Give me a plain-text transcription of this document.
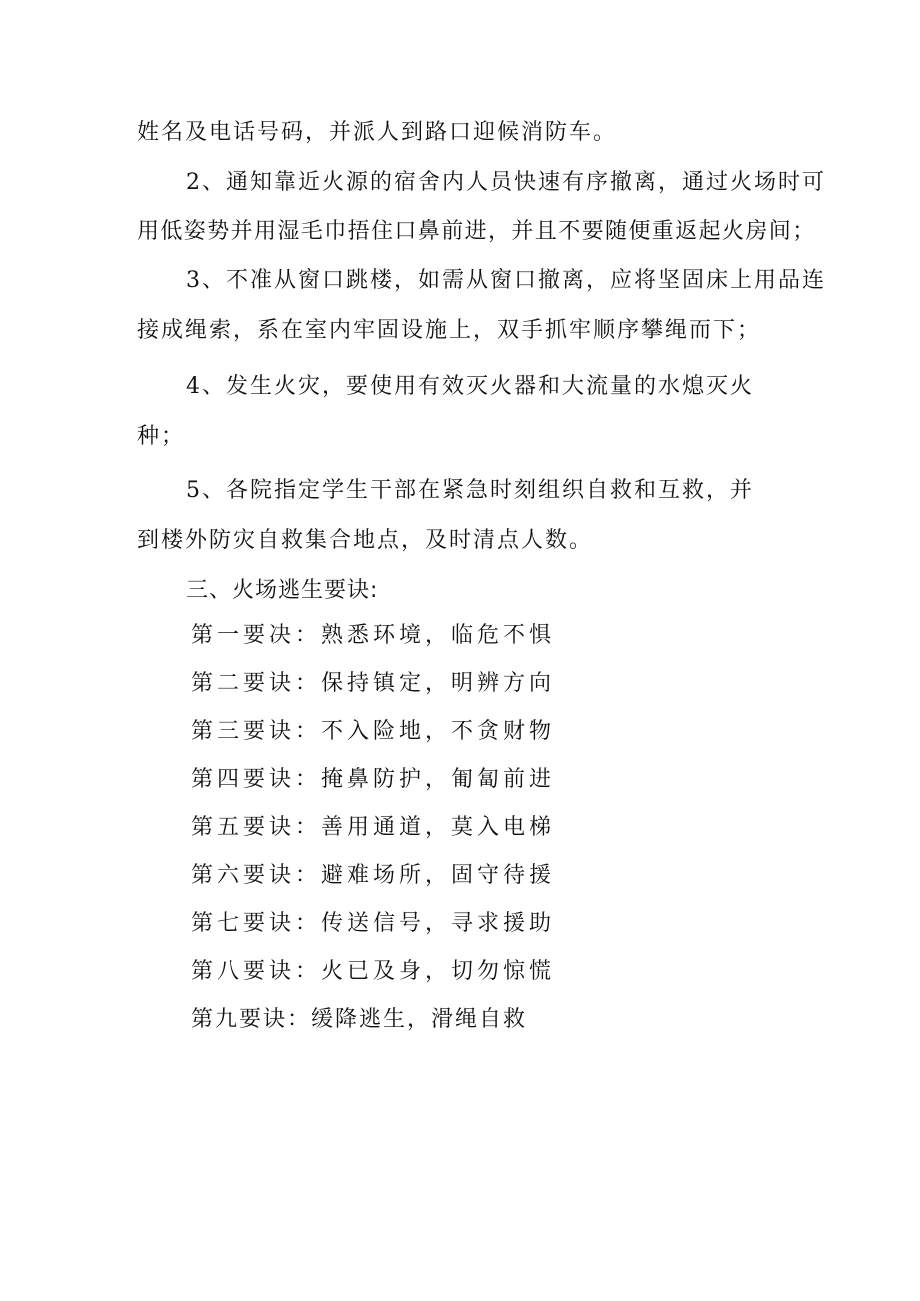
姓名及电话号码，并派人到路口迎候消防车。
2、通知靠近火源的宿舍内人员快速有序撤离，通过火场时可
用低姿势并用湿毛巾捂住口鼻前进，并且不要随便重返起火房间；
3、不准从窗口跳楼，如需从窗口撤离，应将坚固床上用品连
接成绳索，系在室内牢固设施上，双手抓牢顺序攀绳而下；
4、发生火灾，要使用有效灭火器和大流量的水熄灭火
种；
5、各院指定学生干部在紧急时刻组织自救和互救，并
到楼外防灾自救集合地点，及时清点人数。
三、火场逃生要诀:
第一要决：熟悉环境，临危不惧
第二要诀：保持镇定，明辨方向
第三要诀：不入险地，不贪财物
第四要诀：掩鼻防护，匍匐前进
第五要诀：善用通道，莫入电梯
第六要诀：避难场所，固守待援
第七要诀：传送信号，寻求援助
第八要诀：火已及身，切勿惊慌
第九要诀：缓降逃生，滑绳自救
